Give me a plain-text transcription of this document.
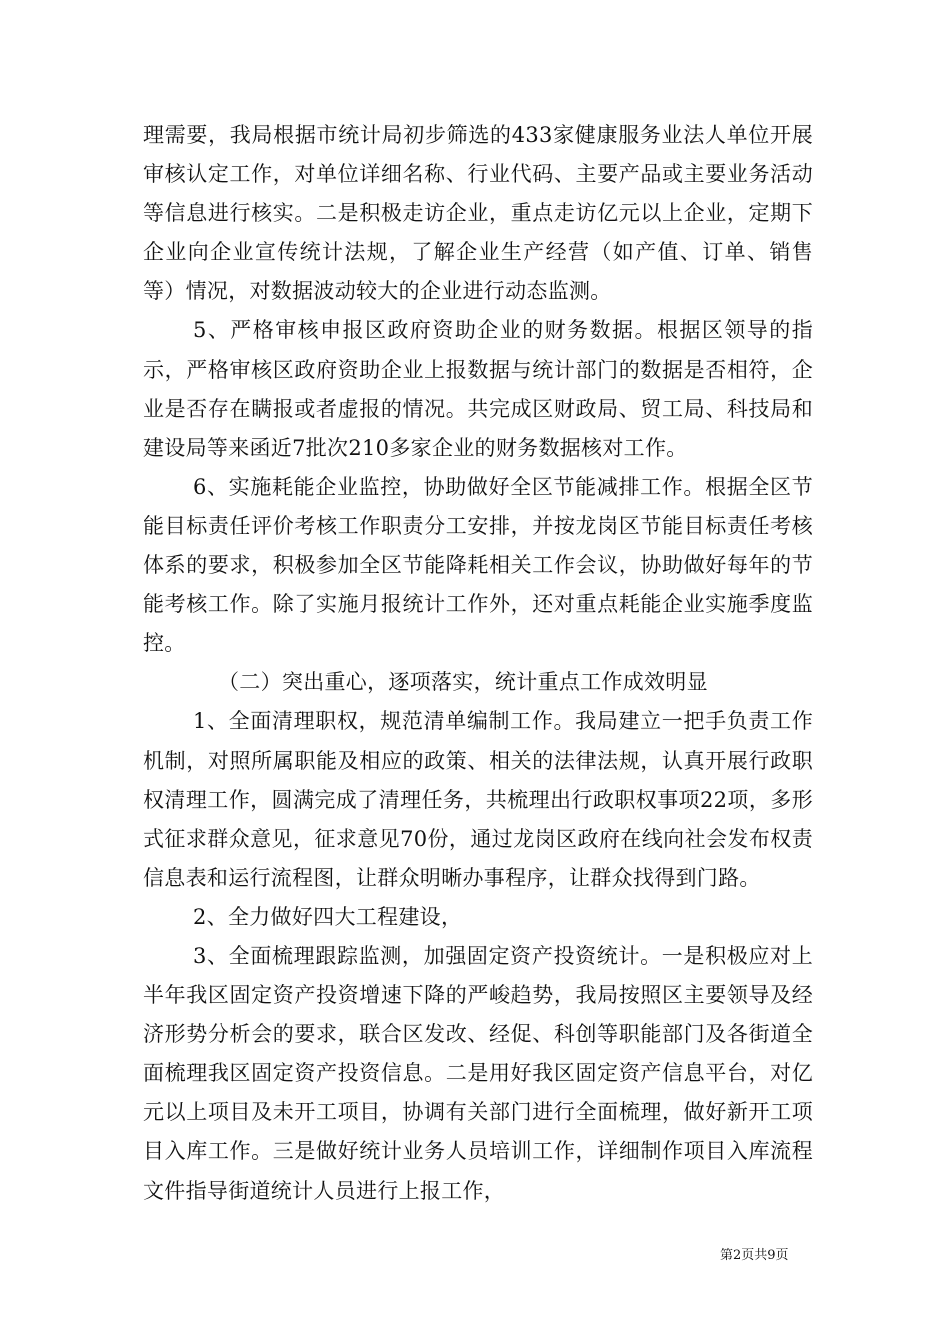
理需要，我局根据市统计局初步筛选的433家健康服务业法人单位开展审核认定工作，对单位详细名称、行业代码、主要产品或主要业务活动等信息进行核实。二是积极走访企业，重点走访亿元以上企业，定期下企业向企业宣传统计法规，了解企业生产经营（如产值、订单、销售等）情况，对数据波动较大的企业进行动态监测。

5、严格审核申报区政府资助企业的财务数据。根据区领导的指示，严格审核区政府资助企业上报数据与统计部门的数据是否相符，企业是否存在瞒报或者虚报的情况。共完成区财政局、贸工局、科技局和建设局等来函近7批次210多家企业的财务数据核对工作。

6、实施耗能企业监控，协助做好全区节能减排工作。根据全区节能目标责任评价考核工作职责分工安排，并按龙岗区节能目标责任考核体系的要求，积极参加全区节能降耗相关工作会议，协助做好每年的节能考核工作。除了实施月报统计工作外，还对重点耗能企业实施季度监控。

（二）突出重心，逐项落实，统计重点工作成效明显

1、全面清理职权，规范清单编制工作。我局建立一把手负责工作机制，对照所属职能及相应的政策、相关的法律法规，认真开展行政职权清理工作，圆满完成了清理任务，共梳理出行政职权事项22项，多形式征求群众意见，征求意见70份，通过龙岗区政府在线向社会发布权责信息表和运行流程图，让群众明晰办事程序，让群众找得到门路。

2、全力做好四大工程建设，

3、全面梳理跟踪监测，加强固定资产投资统计。一是积极应对上半年我区固定资产投资增速下降的严峻趋势，我局按照区主要领导及经济形势分析会的要求，联合区发改、经促、科创等职能部门及各街道全面梳理我区固定资产投资信息。二是用好我区固定资产信息平台，对亿元以上项目及未开工项目，协调有关部门进行全面梳理，做好新开工项目入库工作。三是做好统计业务人员培训工作，详细制作项目入库流程文件指导街道统计人员进行上报工作，

第2页共9页
